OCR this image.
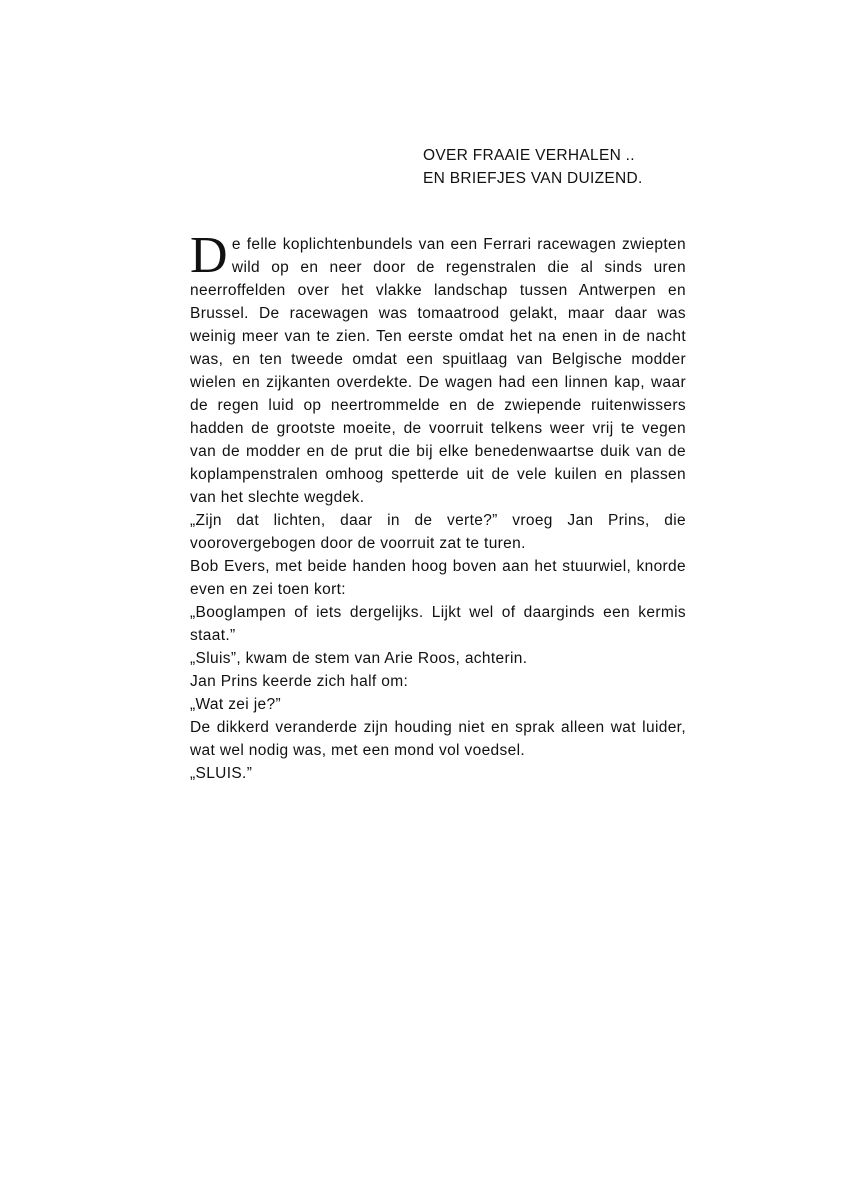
OVER FRAAIE VERHALEN ..
EN BRIEFJES VAN DUIZEND.

De felle koplichtenbundels van een Ferrari racewagen zwiepten wild op en neer door de regenstralen die al sinds uren neerroffelden over het vlakke landschap tussen Antwerpen en Brussel. De racewagen was tomaatrood gelakt, maar daar was weinig meer van te zien. Ten eerste omdat het na enen in de nacht was, en ten tweede omdat een spuitlaag van Belgische modder wielen en zijkanten overdekte. De wagen had een linnen kap, waar de regen luid op neertrommelde en de zwiepende ruitenwissers hadden de grootste moeite, de voorruit telkens weer vrij te vegen van de modder en de prut die bij elke benedenwaartse duik van de koplampenstralen omhoog spetterde uit de vele kuilen en plassen van het slechte wegdek.

„Zijn dat lichten, daar in de verte?” vroeg Jan Prins, die voorovergebogen door de voorruit zat te turen.

Bob Evers, met beide handen hoog boven aan het stuurwiel, knorde even en zei toen kort:

„Booglampen of iets dergelijks. Lijkt wel of daarginds een kermis staat.”

„Sluis”, kwam de stem van Arie Roos, achterin.

Jan Prins keerde zich half om:

„Wat zei je?”

De dikkerd veranderde zijn houding niet en sprak alleen wat luider, wat wel nodig was, met een mond vol voedsel.

„SLUIS.”
